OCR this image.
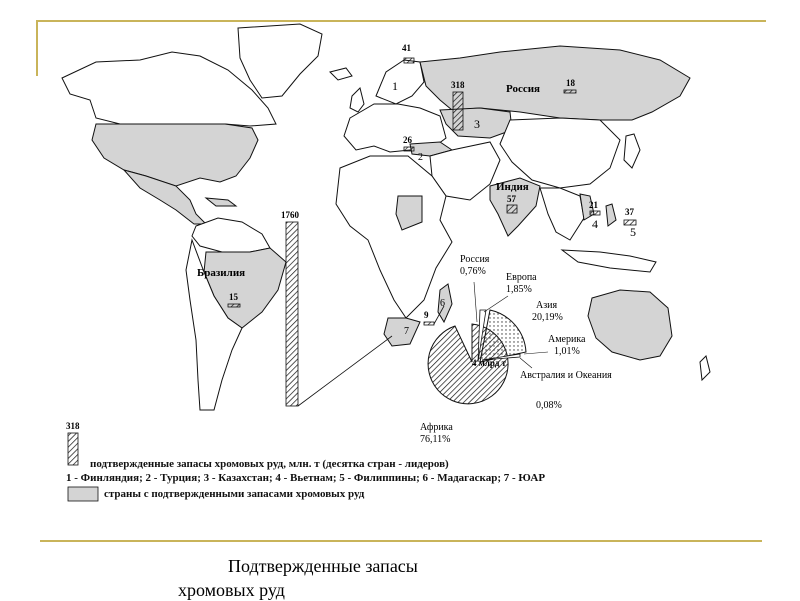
41
318	18
26
57
21
37
1760
9
15
Россия
Индия
Бразилия
1
2
3
4
5
6
7
4 млрд т
Россия
0,76%
Европа
1,85%
Азия
20,19%
Америка
1,01%
Австралия и Океания
0,08%
Африка
76,11%
318
подтвержденные запасы хромовых руд, млн. т (десятка стран - лидеров)
1 - Финляндия; 2 - Турция; 3 - Казахстан; 4 - Вьетнам; 5 - Филиппины; 6 - Мадагаскар; 7 - ЮАР
страны с подтвержденными запасами хромовых руд
Подтвержденные запасы
хромовых руд
